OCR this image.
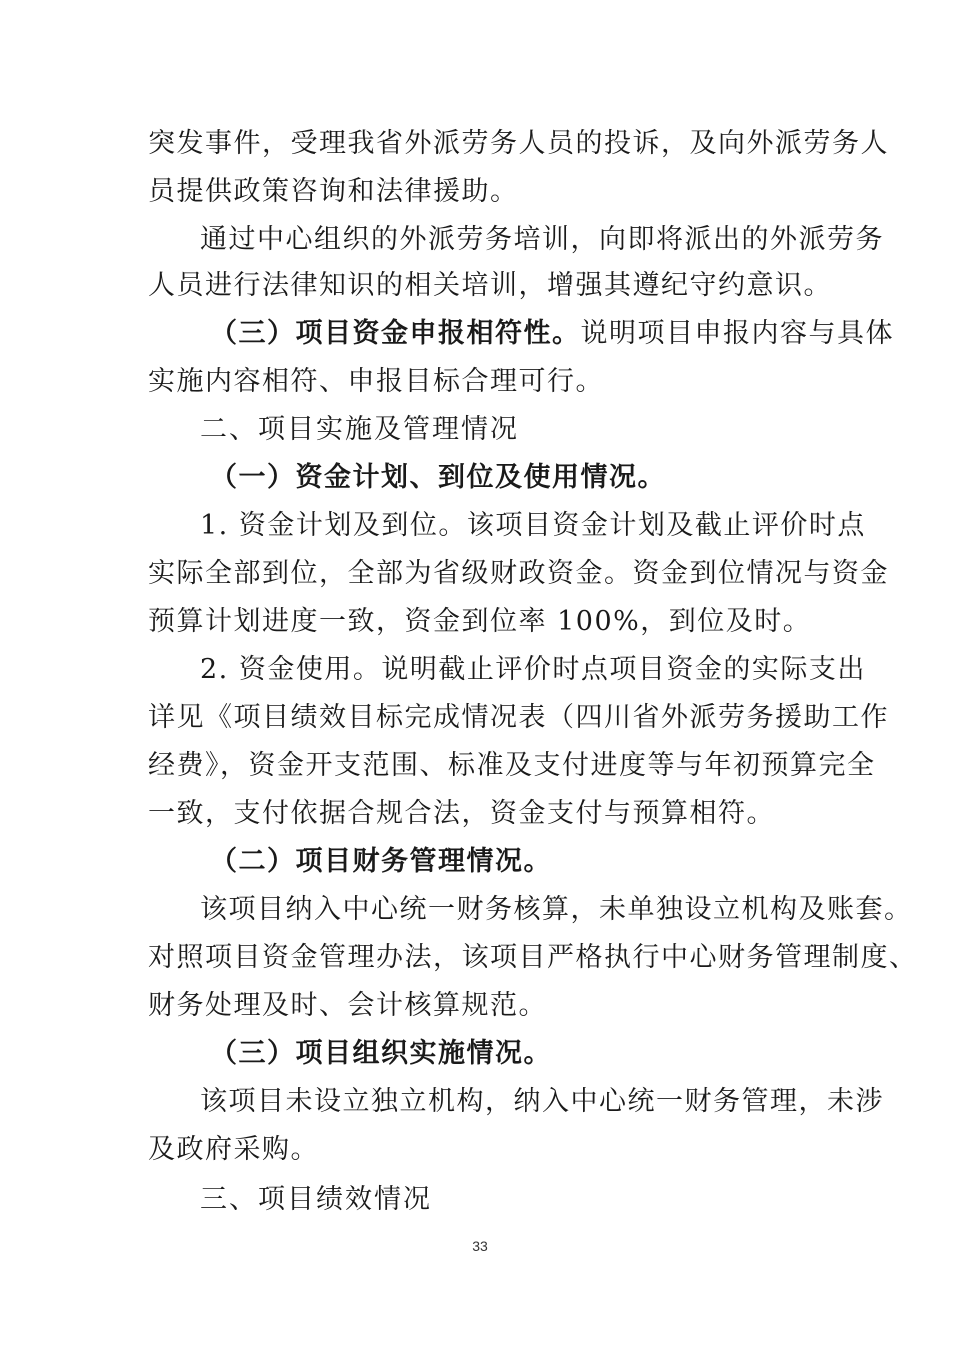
突发事件，受理我省外派劳务人员的投诉，及向外派劳务人
员提供政策咨询和法律援助。
通过中心组织的外派劳务培训，向即将派出的外派劳务
人员进行法律知识的相关培训，增强其遵纪守约意识。
（三）项目资金申报相符性。说明项目申报内容与具体
实施内容相符、申报目标合理可行。
二、项目实施及管理情况
（一）资金计划、到位及使用情况。
1. 资金计划及到位。该项目资金计划及截止评价时点
实际全部到位，全部为省级财政资金。资金到位情况与资金
预算计划进度一致，资金到位率 100%，到位及时。
2. 资金使用。说明截止评价时点项目资金的实际支出
详见《项目绩效目标完成情况表（四川省外派劳务援助工作
经费》，资金开支范围、标准及支付进度等与年初预算完全
一致，支付依据合规合法，资金支付与预算相符。
（二）项目财务管理情况。
该项目纳入中心统一财务核算，未单独设立机构及账套。
对照项目资金管理办法，该项目严格执行中心财务管理制度、
财务处理及时、会计核算规范。
（三）项目组织实施情况。
该项目未设立独立机构，纳入中心统一财务管理，未涉
及政府采购。
三、项目绩效情况
33
